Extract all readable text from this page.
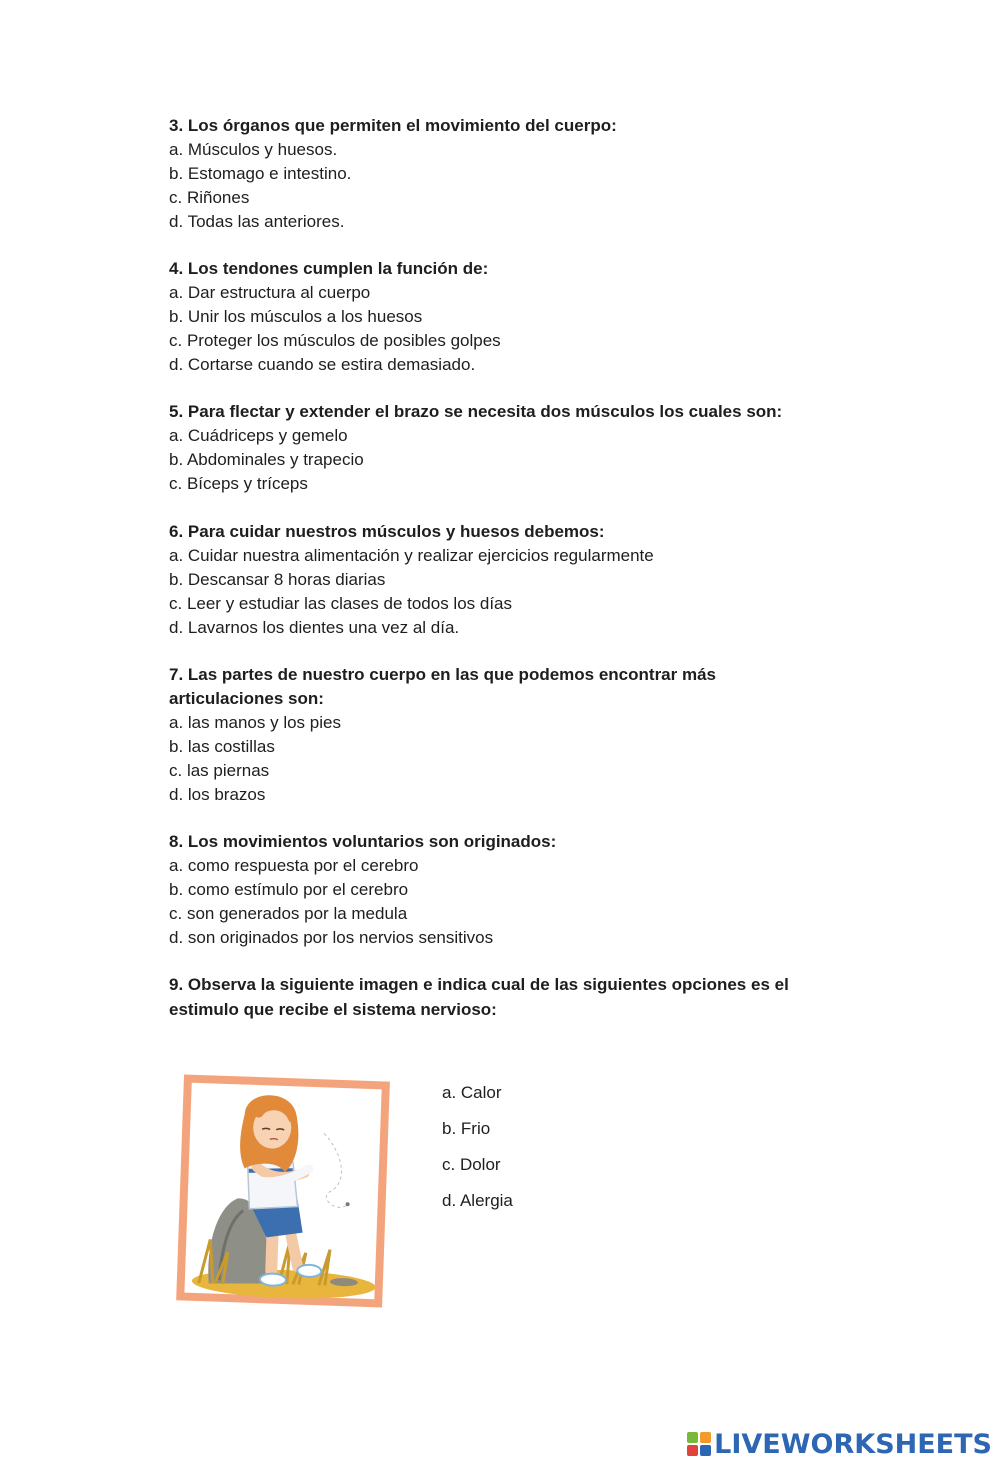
3. Los órganos que permiten el movimiento del cuerpo:

a. Músculos y huesos.

b. Estomago e intestino.

c. Riñones

d. Todas las anteriores.

4. Los tendones cumplen la función de:

a. Dar estructura al cuerpo

b. Unir los músculos a los huesos

c. Proteger los músculos de posibles golpes

d. Cortarse cuando se estira demasiado.

5. Para flectar y extender el brazo se necesita dos músculos los cuales son:

a. Cuádriceps y gemelo

b. Abdominales y trapecio

c. Bíceps y tríceps

6. Para cuidar nuestros músculos y huesos debemos:

a. Cuidar nuestra alimentación y realizar ejercicios regularmente

b. Descansar 8 horas diarias

c. Leer y estudiar las clases de todos los días

d. Lavarnos los dientes una vez al día.

7. Las partes de nuestro cuerpo en las que podemos encontrar más

articulaciones son:

a. las manos y los pies

b. las costillas

c. las piernas

d. los brazos

8. Los movimientos voluntarios son originados:

a. como respuesta por el cerebro

b. como estímulo por el cerebro

c. son generados por la medula

d. son originados por los nervios sensitivos

9. Observa la siguiente imagen e indica cual de las siguientes opciones es el

estimulo que recibe el sistema nervioso:

a. Calor

b. Frio

c. Dolor

d. Alergia

LIVEWORKSHEETS
